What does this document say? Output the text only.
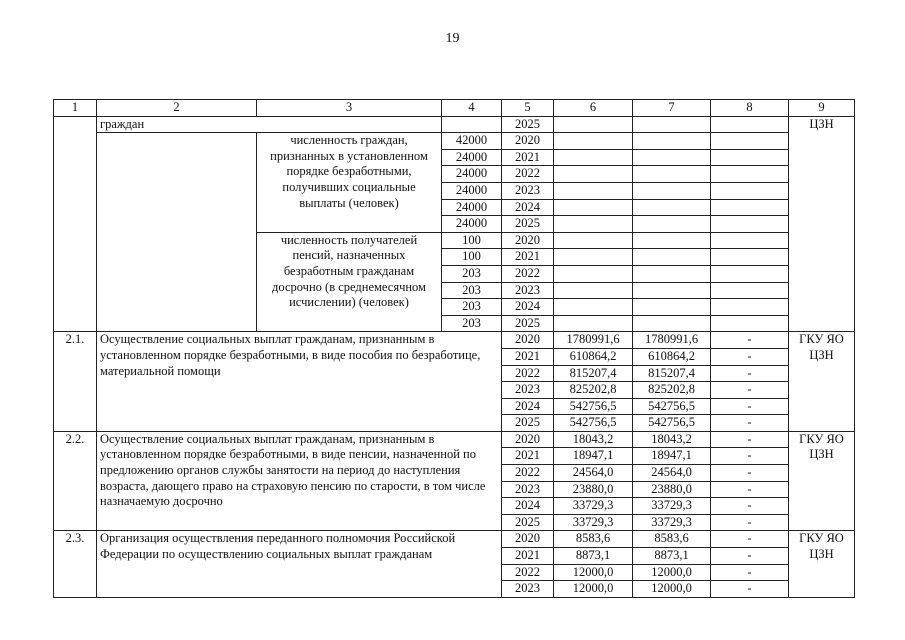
19
1	2	3	4	5	6	7	8	9
	граждан			2025				ЦЗН
		численность граждан, признанных в установленном порядке безработными, получивших социальные выплаты (человек)	42000	2020				
			24000	2021				
			24000	2022				
			24000	2023				
			24000	2024				
			24000	2025				
		численность получателей пенсий, назначенных безработным гражданам досрочно (в среднемесячном исчислении) (человек)	100	2020				
			100	2021				
			203	2022				
			203	2023				
			203	2024				
			203	2025				
2.1.	Осуществление социальных выплат гражданам, признанным в установленном порядке безработными, в виде пособия по безработице, материальной помощи			2020	1780991,6	1780991,6	-	ГКУ ЯО ЦЗН
				2021	610864,2	610864,2	-	
				2022	815207,4	815207,4	-	
				2023	825202,8	825202,8	-	
				2024	542756,5	542756,5	-	
				2025	542756,5	542756,5	-	
2.2.	Осуществление социальных выплат гражданам, признанным в установленном порядке безработными, в виде пенсии, назначенной по предложению органов службы занятости на период до наступления возраста, дающего право на страховую пенсию по старости, в том числе назначаемую досрочно			2020	18043,2	18043,2	-	ГКУ ЯО ЦЗН
				2021	18947,1	18947,1	-	
				2022	24564,0	24564,0	-	
				2023	23880,0	23880,0	-	
				2024	33729,3	33729,3	-	
				2025	33729,3	33729,3	-	
2.3.	Организация осуществления переданного полномочия Российской Федерации по осуществлению социальных выплат гражданам			2020	8583,6	8583,6	-	ГКУ ЯО ЦЗН
				2021	8873,1	8873,1	-	
				2022	12000,0	12000,0	-	
				2023	12000,0	12000,0	-	
